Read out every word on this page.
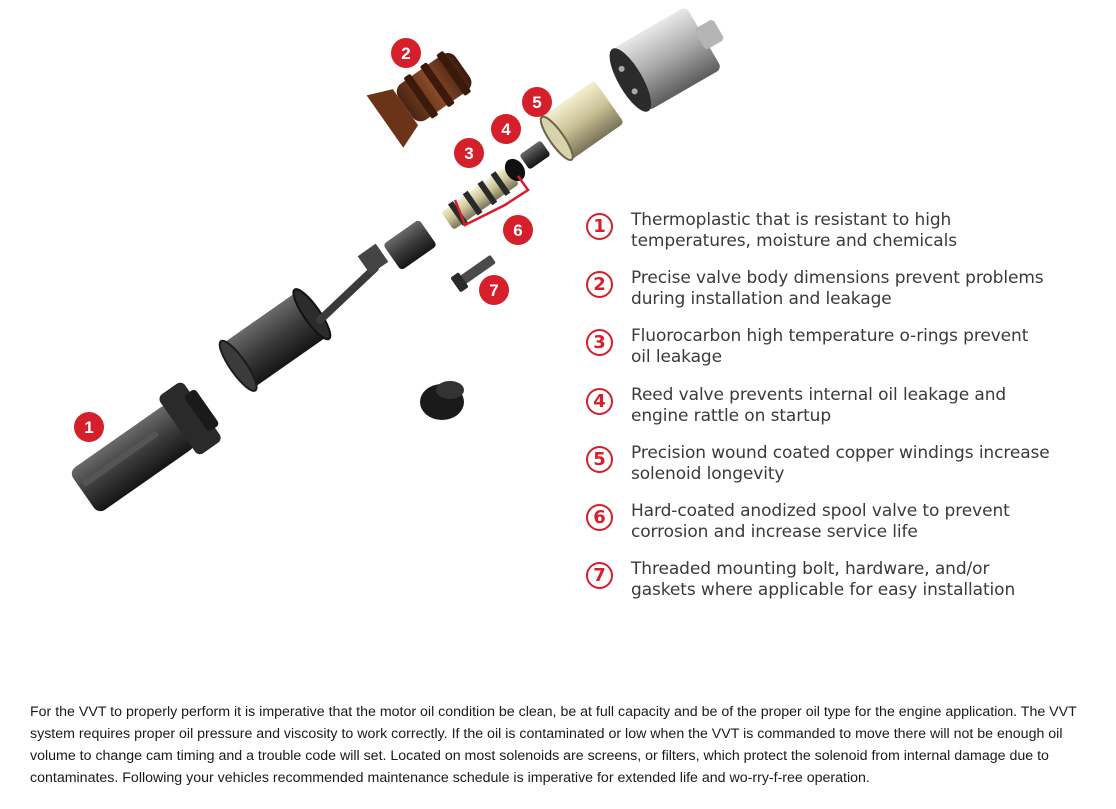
1
2
3
4
5
6
7
1	Thermoplastic that is resistant to high temperatures, moisture and chemicals
2	Precise valve body dimensions prevent problems during installation and leakage
3	Fluorocarbon high temperature o-rings prevent oil leakage
4	Reed valve prevents internal oil leakage and engine rattle on startup
5	Precision wound coated copper windings increase solenoid longevity
6	Hard-coated anodized spool valve to prevent corrosion and increase service life
7	Threaded mounting bolt, hardware, and/or gaskets where applicable for easy installation

For the VVT to properly perform it is imperative that the motor oil condition be clean, be at full capacity and be of the proper oil type for the engine application. The VVT system requires proper oil pressure and viscosity to work correctly. If the oil is contaminated or low when the VVT is commanded to move there will not be enough oil volume to change cam timing and a trouble code will set. Located on most solenoids are screens, or filters, which protect the solenoid from internal damage due to contaminates. Following your vehicles recommended maintenance schedule is imperative for extended life and wo-rry-f-ree operation.
